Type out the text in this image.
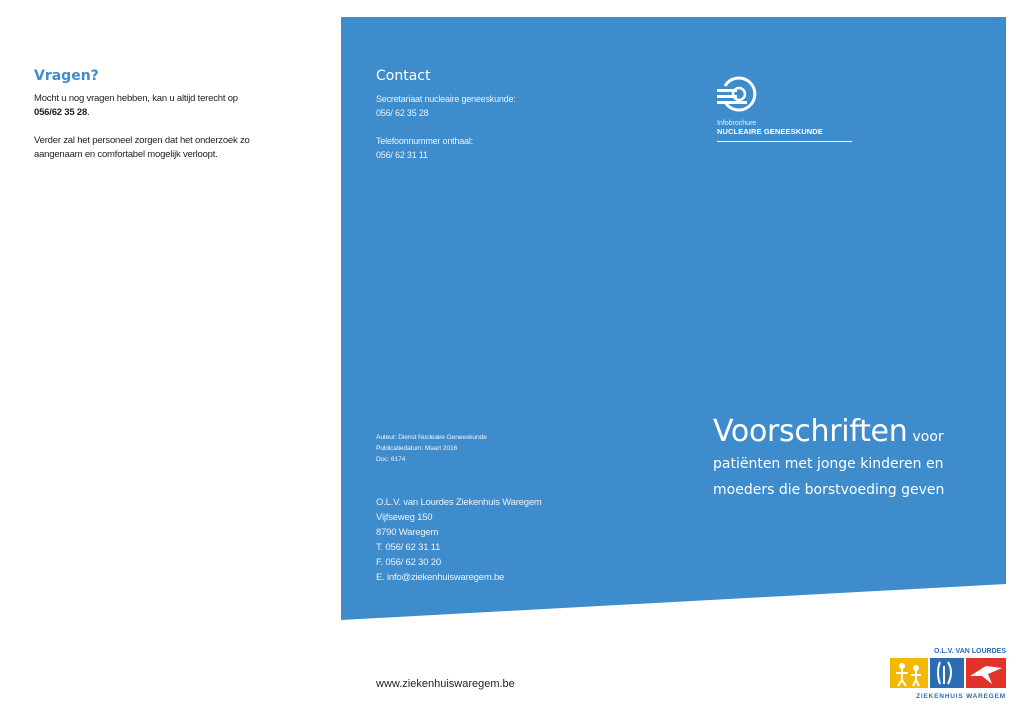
Vragen?

Mocht u nog vragen hebben, kan u altijd terecht op
056/62 35 28.

Verder zal het personeel zorgen dat het onderzoek zo aangenaam en comfortabel mogelijk verloopt.

Contact

Secretariaat nucleaire geneeskunde:

056/ 62 35 28

Telefoonnummer onthaal:

056/ 62 31 11

Infobrochure
NUCLEAIRE GENEESKUNDE
Auteur: Dienst Nucleaire Geneeskunde
Publicatiedatum: Maart 2016
Doc: 6174
O.L.V. van Lourdes Ziekenhuis Waregem
Vijfseweg 150
8790 Waregem
T. 056/ 62 31 11
F. 056/ 62 30 20
E. info@ziekenhuiswaregem.be
Voorschriften voor
patiënten met jonge kinderen en
moeders die borstvoeding geven
www.ziekenhuiswaregem.be
O.L.V. VAN LOURDES
ZIEKENHUIS WAREGEM
